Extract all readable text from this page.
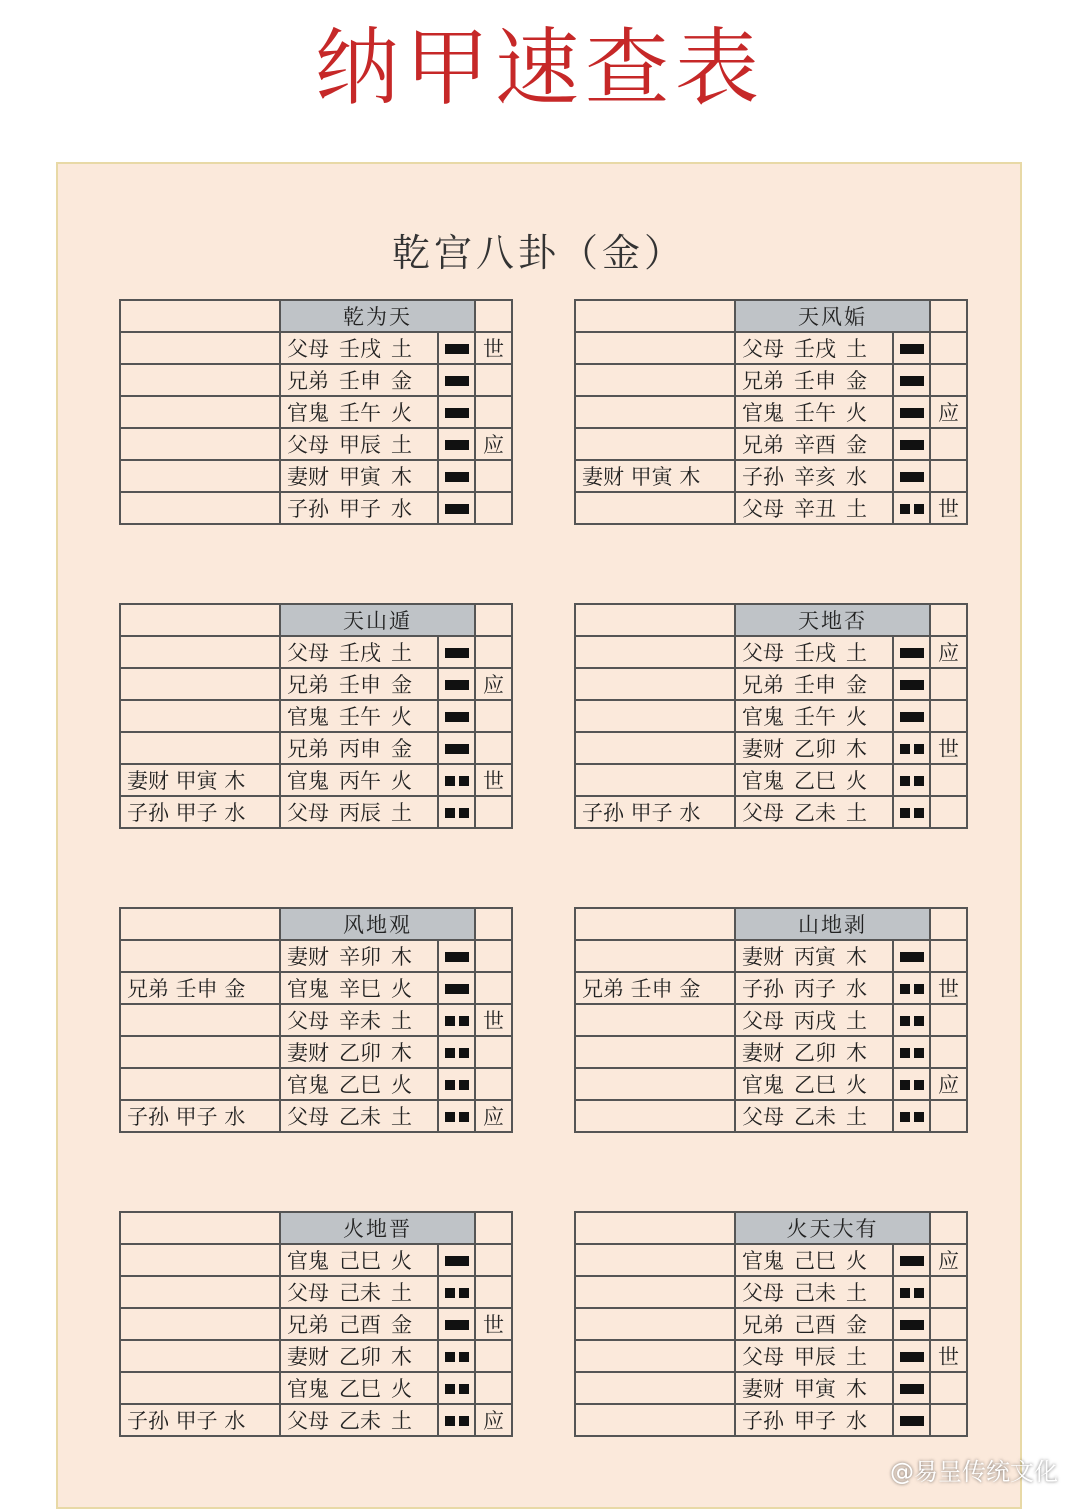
纳甲速查表
乾宫八卦（金）
	乾为天		
	父母 壬戌 土		世
	兄弟 壬申 金		
	官鬼 壬午 火		
	父母 甲辰 土		应
	妻财 甲寅 木		
	子孙 甲子 水		
	天风姤		
	父母 壬戌 土		
	兄弟 壬申 金		
	官鬼 壬午 火		应
	兄弟 辛酉 金		
妻财 甲寅 木	子孙 辛亥 水		
	父母 辛丑 土		世
	天山遁		
	父母 壬戌 土		
	兄弟 壬申 金		应
	官鬼 壬午 火		
	兄弟 丙申 金		
妻财 甲寅 木	官鬼 丙午 火		世
子孙 甲子 水	父母 丙辰 土		
	天地否		
	父母 壬戌 土		应
	兄弟 壬申 金		
	官鬼 壬午 火		
	妻财 乙卯 木		世
	官鬼 乙巳 火		
子孙 甲子 水	父母 乙未 土		
	风地观		
	妻财 辛卯 木		
兄弟 壬申 金	官鬼 辛巳 火		
	父母 辛未 土		世
	妻财 乙卯 木		
	官鬼 乙巳 火		
子孙 甲子 水	父母 乙未 土		应
	山地剥		
	妻财 丙寅 木		
兄弟 壬申 金	子孙 丙子 水		世
	父母 丙戌 土		
	妻财 乙卯 木		
	官鬼 乙巳 火		应
	父母 乙未 土		
	火地晋		
	官鬼 己巳 火		
	父母 己未 土		
	兄弟 己酉 金		世
	妻财 乙卯 木		
	官鬼 乙巳 火		
子孙 甲子 水	父母 乙未 土		应
	火天大有		
	官鬼 己巳 火		应
	父母 己未 土		
	兄弟 己酉 金		
	父母 甲辰 土		世
	妻财 甲寅 木		
	子孙 甲子 水		
@易呈传统文化
